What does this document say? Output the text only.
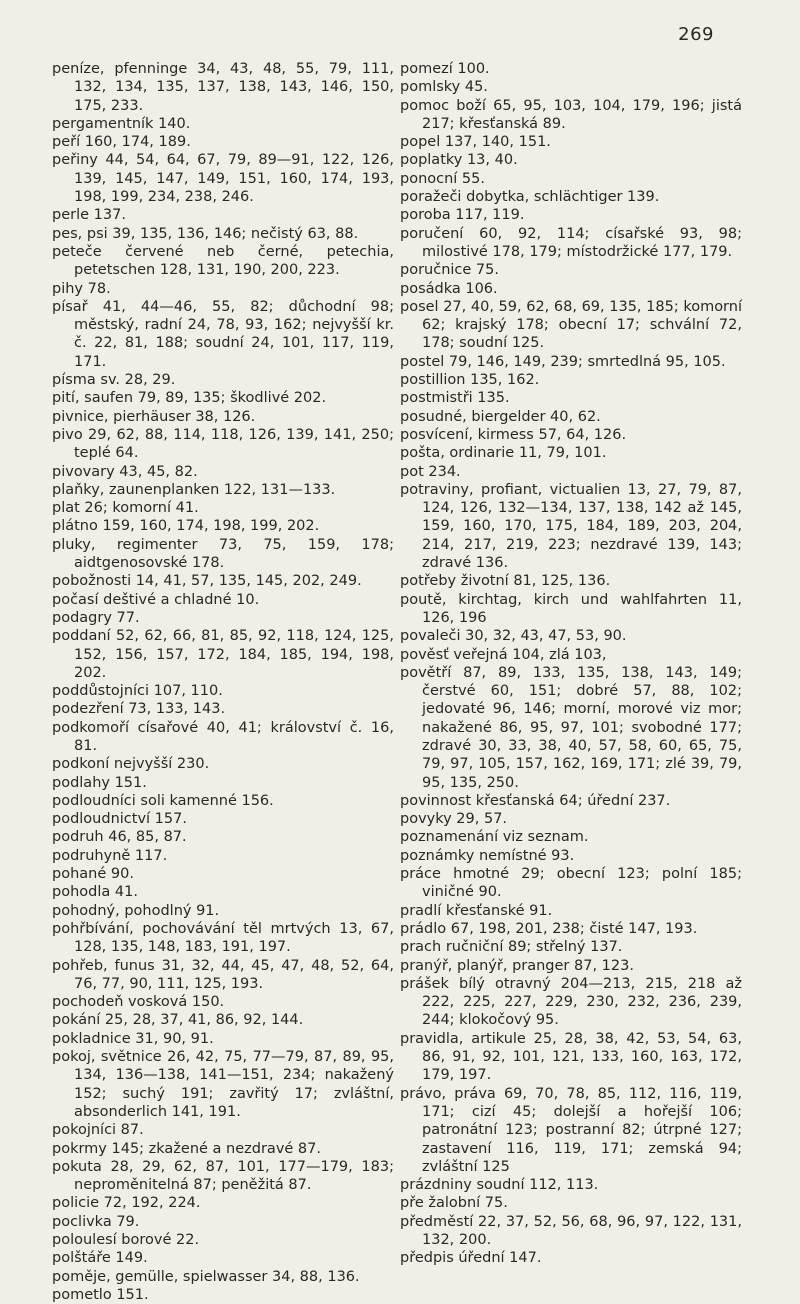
269

peníze, pfenninge 34, 43, 48, 55, 79, 111, 132, 134, 135, 137, 138, 143, 146, 150, 175, 233.

pergamentník 140.

peří 160, 174, 189.

peřiny 44, 54, 64, 67, 79, 89—91, 122, 126, 139, 145, 147, 149, 151, 160, 174, 193, 198, 199, 234, 238, 246.

perle 137.

pes, psi 39, 135, 136, 146; nečistý 63, 88.

peteče červené neb černé, petechia, petetschen 128, 131, 190, 200, 223.

pihy 78.

písař 41, 44—46, 55, 82; důchodní 98; městský, radní 24, 78, 93, 162; nejvyšší kr. č. 22, 81, 188; soudní 24, 101, 117, 119, 171.

písma sv. 28, 29.

pití, saufen 79, 89, 135; škodlivé 202.

pivnice, pierhäuser 38, 126.

pivo 29, 62, 88, 114, 118, 126, 139, 141, 250; teplé 64.

pivovary 43, 45, 82.

plaňky, zaunenplanken 122, 131—133.

plat 26; komorní 41.

plátno 159, 160, 174, 198, 199, 202.

pluky, regimenter 73, 75, 159, 178; aidtgenosovské 178.

pobožnosti 14, 41, 57, 135, 145, 202, 249.

počasí deštivé a chladné 10.

podagry 77.

poddaní 52, 62, 66, 81, 85, 92, 118, 124, 125, 152, 156, 157, 172, 184, 185, 194, 198, 202.

poddůstojníci 107, 110.

podezření 73, 133, 143.

podkomoří císařové 40, 41; království č. 16, 81.

podkoní nejvyšší 230.

podlahy 151.

podloudníci soli kamenné 156.

podloudnictví 157.

podruh 46, 85, 87.

podruhyně 117.

pohané 90.

pohodla 41.

pohodný, pohodlný 91.

pohřbívání, pochovávání těl mrtvých 13, 67, 128, 135, 148, 183, 191, 197.

pohřeb, funus 31, 32, 44, 45, 47, 48, 52, 64, 76, 77, 90, 111, 125, 193.

pochodeň vosková 150.

pokání 25, 28, 37, 41, 86, 92, 144.

pokladnice 31, 90, 91.

pokoj, světnice 26, 42, 75, 77—79, 87, 89, 95, 134, 136—138, 141—151, 234; nakažený 152; suchý 191; zavřitý 17; zvláštní, absonderlich 141, 191.

pokojníci 87.

pokrmy 145; zkažené a nezdravé 87.

pokuta 28, 29, 62, 87, 101, 177—179, 183; neproměnitelná 87; peněžitá 87.

policie 72, 192, 224.

poclivka 79.

poloulesí borové 22.

polštáře 149.

poměje, gemülle, spielwasser 34, 88, 136.

pometlo 151.

pomezí 100.

pomlsky 45.

pomoc boží 65, 95, 103, 104, 179, 196; jistá 217; křesťanská 89.

popel 137, 140, 151.

poplatky 13, 40.

ponocní 55.

poražeči dobytka, schlächtiger 139.

poroba 117, 119.

poručení 60, 92, 114; císařské 93, 98; milostivé 178, 179; místodržické 177, 179.

poručnice 75.

posádka 106.

posel 27, 40, 59, 62, 68, 69, 135, 185; komorní 62; krajský 178; obecní 17; schvální 72, 178; soudní 125.

postel 79, 146, 149, 239; smrtedlná 95, 105.

postillion 135, 162.

postmistři 135.

posudné, biergelder 40, 62.

posvícení, kirmess 57, 64, 126.

pošta, ordinarie 11, 79, 101.

pot 234.

potraviny, profiant, victualien 13, 27, 79, 87, 124, 126, 132—134, 137, 138, 142 až 145, 159, 160, 170, 175, 184, 189, 203, 204, 214, 217, 219, 223; nezdravé 139, 143; zdravé 136.

potřeby životní 81, 125, 136.

poutě, kirchtag, kirch und wahlfahrten 11, 126, 196

povaleči 30, 32, 43, 47, 53, 90.

pověsť veřejná 104, zlá 103,

povětří 87, 89, 133, 135, 138, 143, 149; čerstvé 60, 151; dobré 57, 88, 102; jedovaté 96, 146; morní, morové viz mor; nakažené 86, 95, 97, 101; svobodné 177; zdravé 30, 33, 38, 40, 57, 58, 60, 65, 75, 79, 97, 105, 157, 162, 169, 171; zlé 39, 79, 95, 135, 250.

povinnost křesťanská 64; úřední 237.

povyky 29, 57.

poznamenání viz seznam.

poznámky nemístné 93.

práce hmotné 29; obecní 123; polní 185; viničné 90.

pradlí křesťanské 91.

prádlo 67, 198, 201, 238; čisté 147, 193.

prach ručniční 89; střelný 137.

pranýř, planýř, pranger 87, 123.

prášek bílý otravný 204—213, 215, 218 až 222, 225, 227, 229, 230, 232, 236, 239, 244; klokočový 95.

pravidla, artikule 25, 28, 38, 42, 53, 54, 63, 86, 91, 92, 101, 121, 133, 160, 163, 172, 179, 197.

právo, práva 69, 70, 78, 85, 112, 116, 119, 171; cizí 45; dolejší a hořejší 106; patronátní 123; postranní 82; útrpné 127; zastavení 116, 119, 171; zemská 94; zvláštní 125

prázdniny soudní 112, 113.

pře žalobní 75.

předměstí 22, 37, 52, 56, 68, 96, 97, 122, 131, 132, 200.

předpis úřední 147.
